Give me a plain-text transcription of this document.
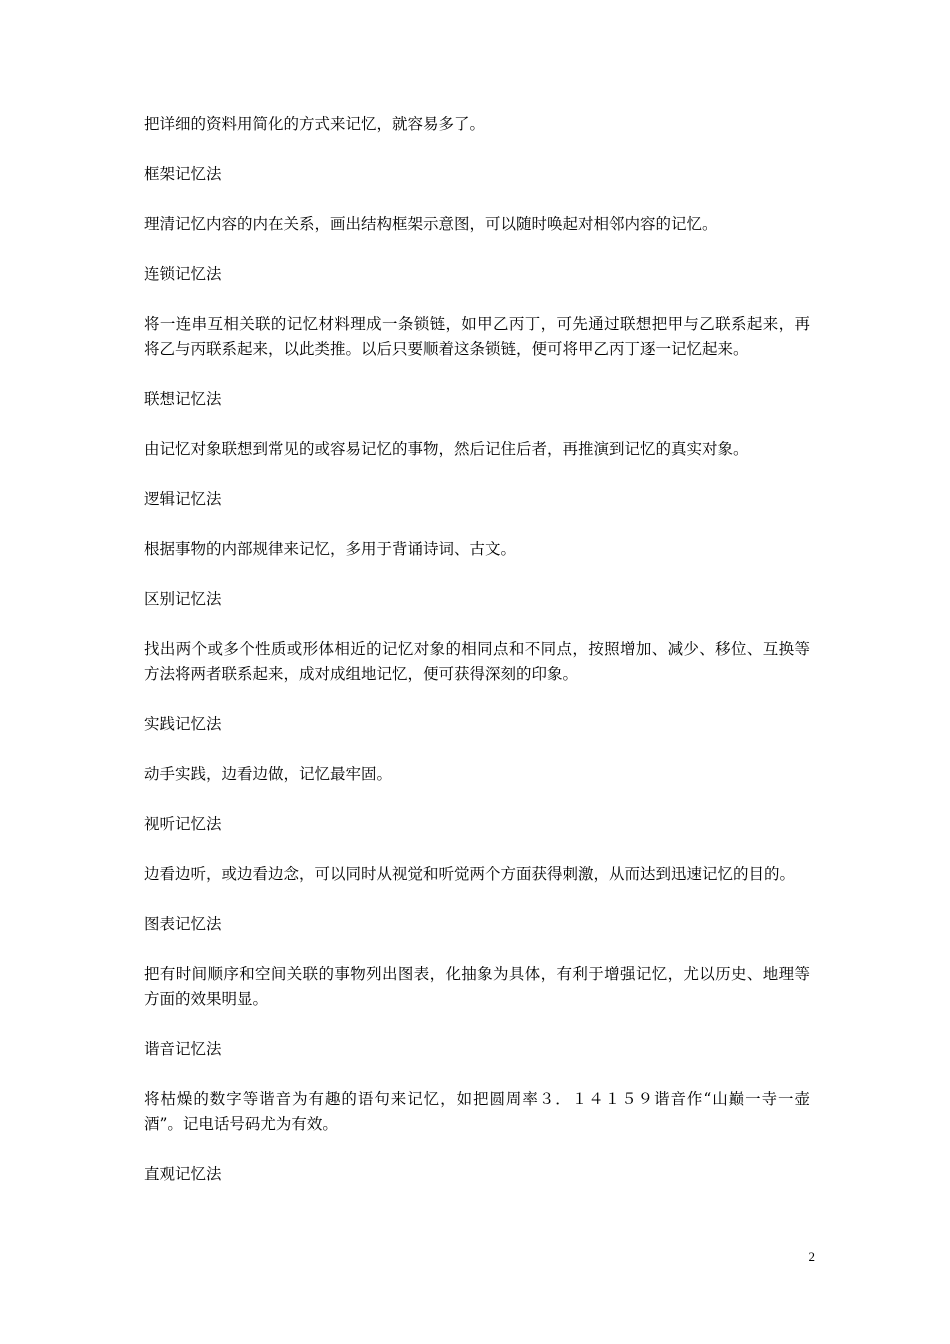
把详细的资料用简化的方式来记忆，就容易多了。

框架记忆法

理清记忆内容的内在关系，画出结构框架示意图，可以随时唤起对相邻内容的记忆。

连锁记忆法

将一连串互相关联的记忆材料理成一条锁链，如甲乙丙丁，可先通过联想把甲与乙联系起来，再将乙与丙联系起来，以此类推。以后只要顺着这条锁链，便可将甲乙丙丁逐一记忆起来。

联想记忆法

由记忆对象联想到常见的或容易记忆的事物，然后记住后者，再推演到记忆的真实对象。

逻辑记忆法

根据事物的内部规律来记忆，多用于背诵诗词、古文。

区别记忆法

找出两个或多个性质或形体相近的记忆对象的相同点和不同点，按照增加、减少、移位、互换等方法将两者联系起来，成对成组地记忆，便可获得深刻的印象。

实践记忆法

动手实践，边看边做，记忆最牢固。

视听记忆法

边看边听，或边看边念，可以同时从视觉和听觉两个方面获得刺激，从而达到迅速记忆的目的。

图表记忆法

把有时间顺序和空间关联的事物列出图表，化抽象为具体，有利于增强记忆，尤以历史、地理等方面的效果明显。

谐音记忆法

将枯燥的数字等谐音为有趣的语句来记忆，如把圆周率３．１４１５９谐音作“山巅一寺一壶酒”。记电话号码尤为有效。

直观记忆法

2
